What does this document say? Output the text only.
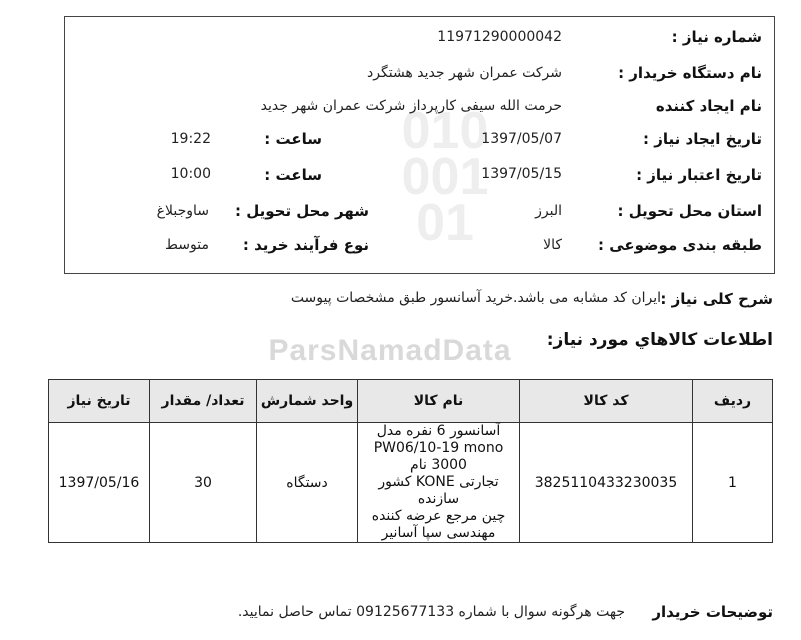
010
001
01
ParsNamadData
شماره نیاز :
11971290000042
نام دستگاه خریدار :
شرکت عمران شهر جدید هشتگرد
نام ایجاد کننده
حرمت الله سیفی کارپرداز شرکت عمران شهر جدید
تاریخ ایجاد نیاز :
1397/05/07
ساعت :
19:22
تاریخ اعتبار نیاز :
1397/05/15
ساعت :
10:00
استان محل تحویل :
البرز
شهر محل تحویل :
ساوجبلاغ
طبقه بندی موضوعی :
کالا
نوع فرآیند خرید :
متوسط
شرح کلی نیاز :
ایران کد مشابه می باشد.خرید آسانسور طبق مشخصات پیوست
اطلاعات کالاهاي مورد نیاز:
ردیف	کد کالا	نام کالا	واحد شمارش	تعداد/ مقدار	تاریخ نیاز
1	3825110433230035	آسانسور 6 نفره مدل
PW06/10-19 mono 3000 نام
تجارتی KONE کشور سازنده
چین مرجع عرضه کننده
مهندسی سپا آسانیر	دستگاه	30	1397/05/16
توضیحات خریدار
جهت هرگونه سوال با شماره 09125677133 تماس حاصل نمایید.
